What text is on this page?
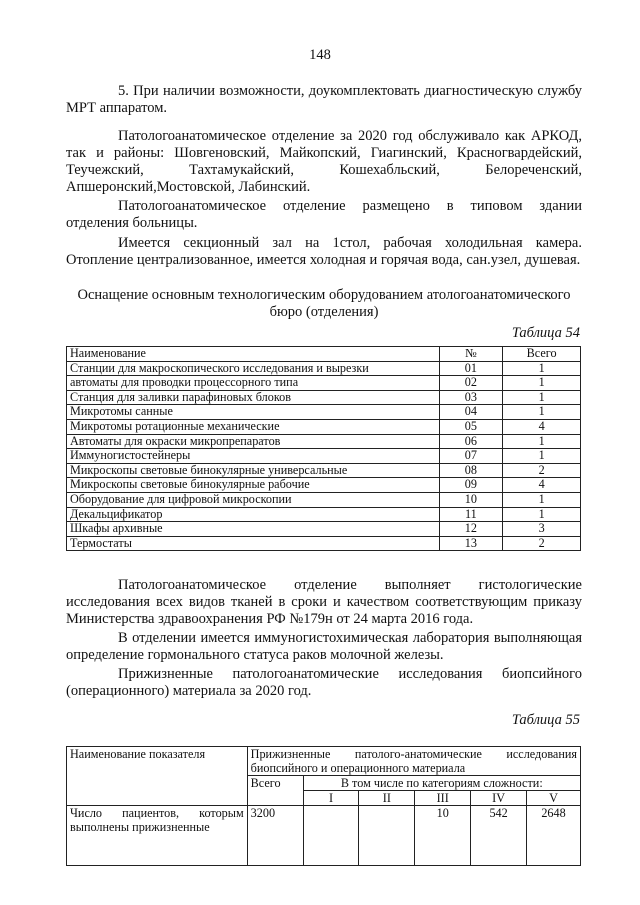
148

5. При наличии возможности, доукомплектовать диагностическую службу МРТ аппаратом.

Патологоанатомическое отделение за 2020 год обслуживало как АРКОД, так и районы: Шовгеновский, Майкопский, Гиагинский, Красногвардейский, Теучежский, Тахтамукайский, Кошехабльский, Белореченский, Апшеронский,Мостовской, Лабинский.

Патологоанатомическое отделение размещено в типовом здании отделения больницы.

Имеется секционный зал на 1стол, рабочая холодильная камера. Отопление централизованное, имеется холодная и горячая вода, сан.узел, душевая.

Оснащение основным технологическим оборудованием атологоанатомического
бюро (отделения)
Таблица 54
Наименование	№	Всего
Станции для макроскопического исследования и вырезки	01	1
автоматы для проводки процессорного типа	02	1
Станция для заливки парафиновых блоков	03	1
Микротомы санные	04	1
Микротомы ротационные механические	05	4
Автоматы для окраски микропрепаратов	06	1
Иммуногистостейнеры	07	1
Микроскопы световые бинокулярные универсальные	08	2
Микроскопы световые бинокулярные рабочие	09	4
Оборудование для цифровой микроскопии	10	1
Декальцификатор	11	1
Шкафы архивные	12	3
Термостаты	13	2

Патологоанатомическое отделение выполняет гистологические исследования всех видов тканей в сроки и качеством соответствующим приказу Министерства здравоохранения РФ №179н от 24 марта 2016 года.

В отделении имеется иммуногистохимическая лаборатория выполняющая определение гормонального статуса раков молочной железы.

Прижизненные патологоанатомические исследования биопсийного (операционного) материала за 2020 год.

Таблица 55
Наименование показателя	Прижизненные патолого-анатомические исследования биопсийного и операционного материала					
	Всего	В том числе по категориям сложности:				
		I	II	III	IV	V
Число пациентов, которым выполнены прижизненные	3200			10	542	2648
